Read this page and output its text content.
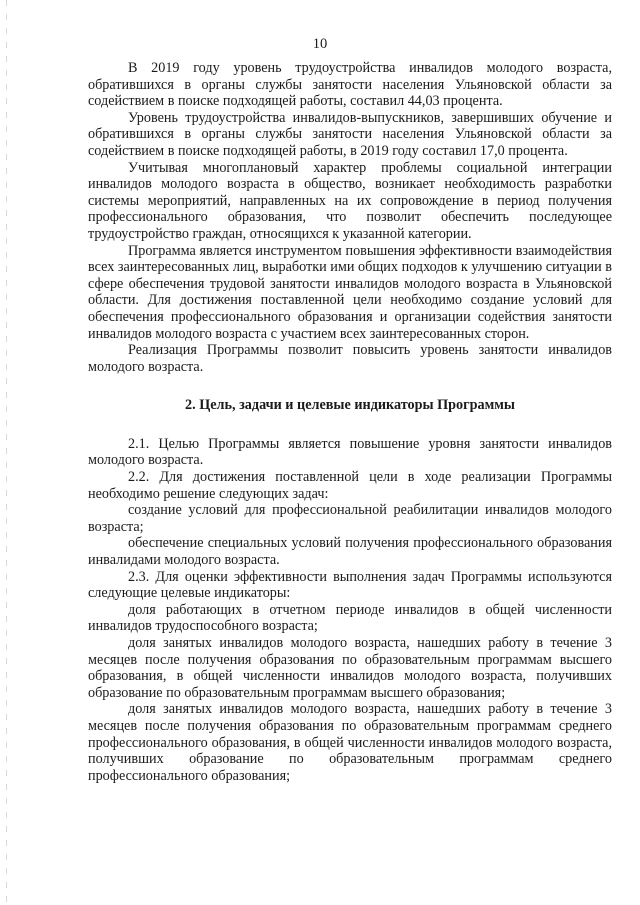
10

В 2019 году уровень трудоустройства инвалидов молодого возраста, обратившихся в органы службы занятости населения Ульяновской области за содействием в поиске подходящей работы, составил 44,03 процента.

Уровень трудоустройства инвалидов-выпускников, завершивших обучение и обратившихся в органы службы занятости населения Ульяновской области за содействием в поиске подходящей работы, в 2019 году составил 17,0 процента.

Учитывая многоплановый характер проблемы социальной интеграции инвалидов молодого возраста в общество, возникает необходимость разработки системы мероприятий, направленных на их сопровождение в период получения профессионального образования, что позволит обеспечить последующее трудоустройство граждан, относящихся к указанной категории.

Программа является инструментом повышения эффективности взаимодействия всех заинтересованных лиц, выработки ими общих подходов к улучшению ситуации в сфере обеспечения трудовой занятости инвалидов молодого возраста в Ульяновской области. Для достижения поставленной цели необходимо создание условий для обеспечения профессионального образования и организации содействия занятости инвалидов молодого возраста с участием всех заинтересованных сторон.

Реализация Программы позволит повысить уровень занятости инвалидов молодого возраста.

2. Цель, задачи и целевые индикаторы Программы

2.1. Целью Программы является повышение уровня занятости инвалидов молодого возраста.

2.2. Для достижения поставленной цели в ходе реализации Программы необходимо решение следующих задач:

создание условий для профессиональной реабилитации инвалидов молодого возраста;

обеспечение специальных условий получения профессионального образования инвалидами молодого возраста.

2.3. Для оценки эффективности выполнения задач Программы используются следующие целевые индикаторы:

доля работающих в отчетном периоде инвалидов в общей численности инвалидов трудоспособного возраста;

доля занятых инвалидов молодого возраста, нашедших работу в течение 3 месяцев после получения образования по образовательным программам высшего образования, в общей численности инвалидов молодого возраста, получивших образование по образовательным программам высшего образования;

доля занятых инвалидов молодого возраста, нашедших работу в течение 3 месяцев после получения образования по образовательным программам среднего профессионального образования, в общей численности инвалидов молодого возраста, получивших образование по образовательным программам среднего профессионального образования;
